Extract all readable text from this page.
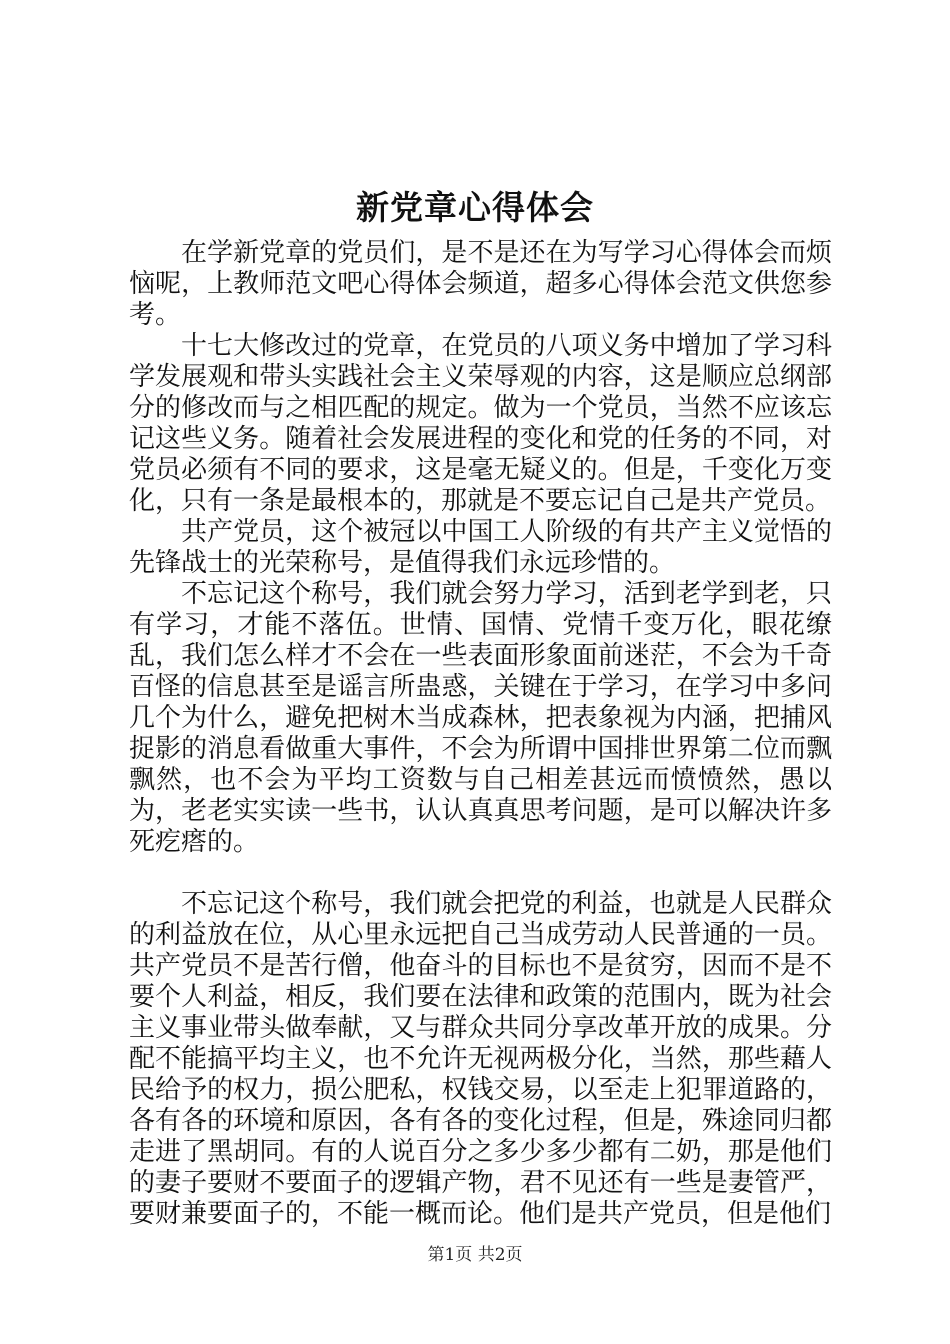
新党章心得体会

在学新党章的党员们，是不是还在为写学习心得体会而烦恼呢，上教师范文吧心得体会频道，超多心得体会范文供您参考。

十七大修改过的党章，在党员的八项义务中增加了学习科学发展观和带头实践社会主义荣辱观的内容，这是顺应总纲部分的修改而与之相匹配的规定。做为一个党员，当然不应该忘记这些义务。随着社会发展进程的变化和党的任务的不同，对党员必须有不同的要求，这是毫无疑义的。但是，千变化万变化，只有一条是最根本的，那就是不要忘记自己是共产党员。

共产党员，这个被冠以中国工人阶级的有共产主义觉悟的先锋战士的光荣称号，是值得我们永远珍惜的。

不忘记这个称号，我们就会努力学习，活到老学到老，只有学习，才能不落伍。世情、国情、党情千变万化，眼花缭乱，我们怎么样才不会在一些表面形象面前迷茫，不会为千奇百怪的信息甚至是谣言所蛊惑，关键在于学习，在学习中多问几个为什么，避免把树木当成森林，把表象视为内涵，把捕风捉影的消息看做重大事件，不会为所谓中国排世界第二位而飘飘然，也不会为平均工资数与自己相差甚远而愤愤然，愚以为，老老实实读一些书，认认真真思考问题，是可以解决许多死疙瘩的。

不忘记这个称号，我们就会把党的利益，也就是人民群众的利益放在位，从心里永远把自己当成劳动人民普通的一员。共产党员不是苦行僧，他奋斗的目标也不是贫穷，因而不是不要个人利益，相反，我们要在法律和政策的范围内，既为社会主义事业带头做奉献，又与群众共同分享改革开放的成果。分配不能搞平均主义，也不允许无视两极分化，当然，那些藉人民给予的权力，损公肥私，权钱交易，以至走上犯罪道路的，各有各的环境和原因，各有各的变化过程，但是，殊途同归都走进了黑胡同。有的人说百分之多少多少都有二奶，那是他们的妻子要财不要面子的逻辑产物，君不见还有一些是妻管严，要财兼要面子的，不能一概而论。他们是共产党员，但是他们

第1页 共2页
